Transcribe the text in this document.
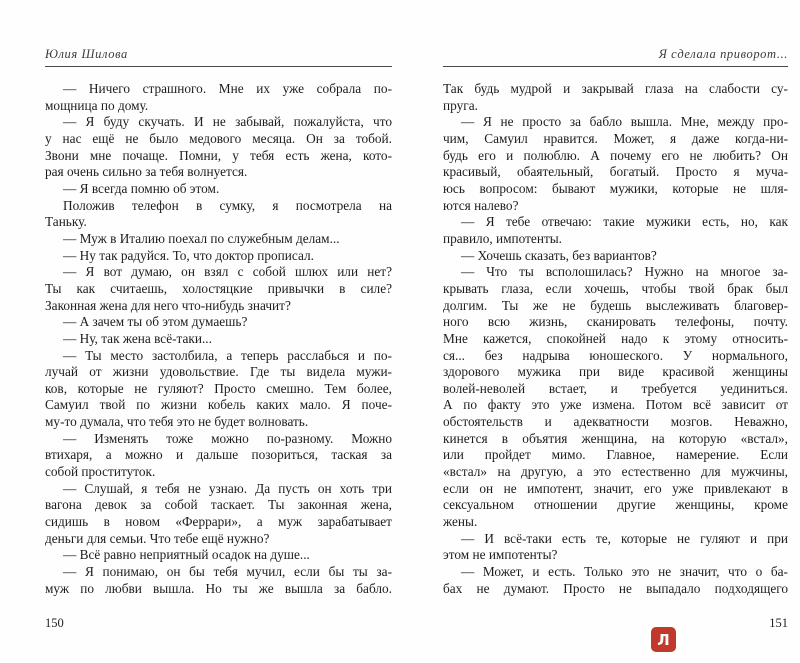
Юлия Шилова
— Ничего страшного. Мне их уже собрала по-
мощница по дому.
— Я буду скучать. И не забывай, пожалуйста, что
у нас ещё не было медового месяца. Он за тобой.
Звони мне почаще. Помни, у тебя есть жена, кото-
рая очень сильно за тебя волнуется.
— Я всегда помню об этом.
Положив телефон в сумку, я посмотрела на
Таньку.
— Муж в Италию поехал по служебным делам...
— Ну так радуйся. То, что доктор прописал.
— Я вот думаю, он взял с собой шлюх или нет?
Ты как считаешь, холостяцкие привычки в силе?
Законная жена для него что-нибудь значит?
— А зачем ты об этом думаешь?
— Ну, так жена всё-таки...
— Ты место застолбила, а теперь расслабься и по-
лучай от жизни удовольствие. Где ты видела мужи-
ков, которые не гуляют? Просто смешно. Тем более,
Самуил твой по жизни кобель каких мало. Я поче-
му-то думала, что тебя это не будет волновать.
— Изменять тоже можно по-разному. Можно
втихаря, а можно и дальше позориться, таская за
собой проституток.
— Слушай, я тебя не узнаю. Да пусть он хоть три
вагона девок за собой таскает. Ты законная жена,
сидишь в новом «Феррари», а муж зарабатывает
деньги для семьи. Что тебе ещё нужно?
— Всё равно неприятный осадок на душе...
— Я понимаю, он бы тебя мучил, если бы ты за-
муж по любви вышла. Но ты же вышла за бабло.
150
Я сделала приворот...
Так будь мудрой и закрывай глаза на слабости су-
пруга.
— Я не просто за бабло вышла. Мне, между про-
чим, Самуил нравится. Может, я даже когда-ни-
будь его и полюблю. А почему его не любить? Он
красивый, обаятельный, богатый. Просто я муча-
юсь вопросом: бывают мужики, которые не шля-
ются налево?
— Я тебе отвечаю: такие мужики есть, но, как
правило, импотенты.
— Хочешь сказать, без вариантов?
— Что ты всполошилась? Нужно на многое за-
крывать глаза, если хочешь, чтобы твой брак был
долгим. Ты же не будешь выслеживать благовер-
ного всю жизнь, сканировать телефоны, почту.
Мне кажется, спокойней надо к этому относить-
ся... без надрыва юношеского. У нормального,
здорового мужика при виде красивой женщины
волей-неволей встает, и требуется уединиться.
А по факту это уже измена. Потом всё зависит от
обстоятельств и адекватности мозгов. Неважно,
кинется в объятия женщина, на которую «встал»,
или пройдет мимо. Главное, намерение. Если
«встал» на другую, а это естественно для мужчины,
если он не импотент, значит, его уже привлекают в
сексуальном отношении другие женщины, кроме
жены.
— И всё-таки есть те, которые не гуляют и при
этом не импотенты?
— Может, и есть. Только это не значит, что о ба-
бах не думают. Просто не выпадало подходящего
151
Л
